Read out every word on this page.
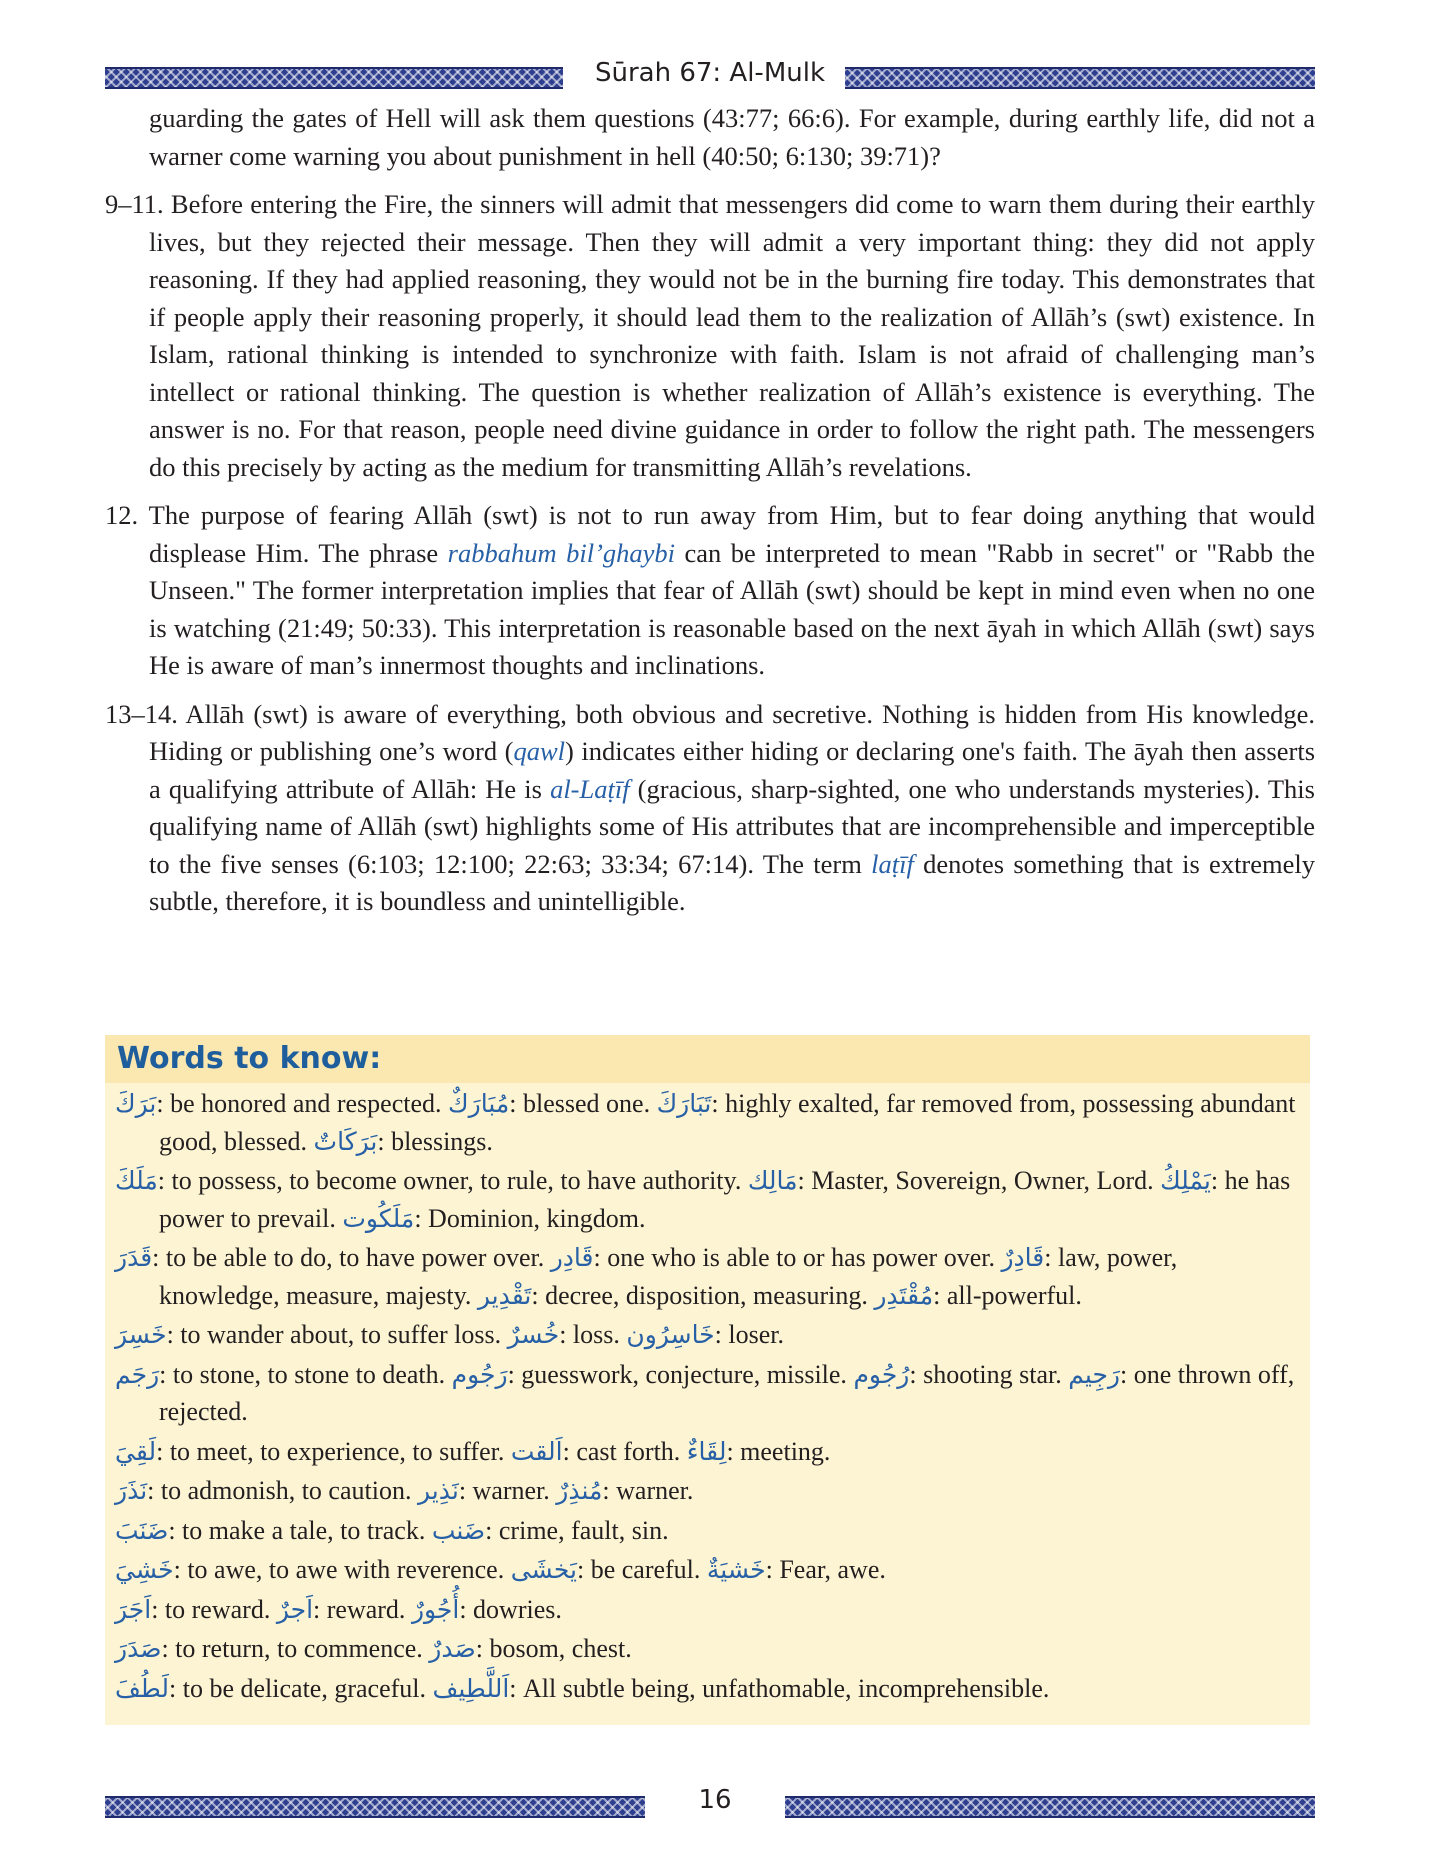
Sūrah 67: Al-Mulk

guarding the gates of Hell will ask them questions (43:77; 66:6). For example, during earthly life, did not a warner come warning you about punishment in hell (40:50; 6:130; 39:71)?

9–11. Before entering the Fire, the sinners will admit that messengers did come to warn them during their earthly lives, but they rejected their message. Then they will admit a very important thing: they did not apply reasoning. If they had applied reasoning, they would not be in the burning fire today. This demonstrates that if people apply their reasoning properly, it should lead them to the realization of Allāh’s (swt) existence. In Islam, rational thinking is intended to synchronize with faith. Islam is not afraid of challenging man’s intellect or rational thinking. The question is whether realization of Allāh’s existence is everything. The answer is no. For that reason, people need divine guidance in order to follow the right path. The messengers do this precisely by acting as the medium for transmitting Allāh’s revelations.

12. The purpose of fearing Allāh (swt) is not to run away from Him, but to fear doing anything that would displease Him. The phrase rabbahum bil’ghaybi can be interpreted to mean "Rabb in secret" or "Rabb the Unseen." The former interpretation implies that fear of Allāh (swt) should be kept in mind even when no one is watching (21:49; 50:33). This interpretation is reasonable based on the next āyah in which Allāh (swt) says He is aware of man’s innermost thoughts and inclinations.

13–14. Allāh (swt) is aware of everything, both obvious and secretive. Nothing is hidden from His knowledge. Hiding or publishing one’s word (qawl) indicates either hiding or declaring one's faith. The āyah then asserts a qualifying attribute of Allāh: He is al-Laṭīf (gracious, sharp-sighted, one who understands mysteries). This qualifying name of Allāh (swt) highlights some of His attributes that are incomprehensible and imperceptible to the five senses (6:103; 12:100; 22:63; 33:34; 67:14). The term laṭīf denotes something that is extremely subtle, therefore, it is boundless and unintelligible.

Words to know:
بَرَكَ: be honored and respected. مُبَارَكٌ: blessed one. تَبَارَكَ: highly exalted, far removed from, possessing abundant good, blessed. بَرَكَاتٌ: blessings.
مَلَكَ: to possess, to become owner, to rule, to have authority. مَالِك: Master, Sovereign, Owner, Lord. يَمْلِكُ: he has power to prevail. مَلَكُوت: Dominion, kingdom.
قَدَرَ: to be able to do, to have power over. قَادِر: one who is able to or has power over. قَادِرٌ: law, power, knowledge, measure, majesty. تَقْدِير: decree, disposition, measuring. مُقْتَدِر: all-powerful.
خَسِرَ: to wander about, to suffer loss. خُسرٌ: loss. خَاسِرُون: loser.
رَجَم: to stone, to stone to death. رَجُوم: guesswork, conjecture, missile. رُجُوم: shooting star. رَجِيم: one thrown off, rejected.
لَقِيَ: to meet, to experience, to suffer. اَلقت: cast forth. لِقَاءٌ: meeting.
نَذَرَ: to admonish, to caution. نَذِير: warner. مُنذِرٌ: warner.
ضَنَبَ: to make a tale, to track. ضَنب: crime, fault, sin.
خَشِيَ: to awe, to awe with reverence. يَخشَى: be careful. خَشيَةٌ: Fear, awe.
اَجَرَ: to reward. اَجرٌ: reward. أُجُورٌ: dowries.
صَدَرَ: to return, to commence. صَدرٌ: bosom, chest.
لَطُفَ: to be delicate, graceful. اَللَّطِيف: All subtle being, unfathomable, incomprehensible.
16
